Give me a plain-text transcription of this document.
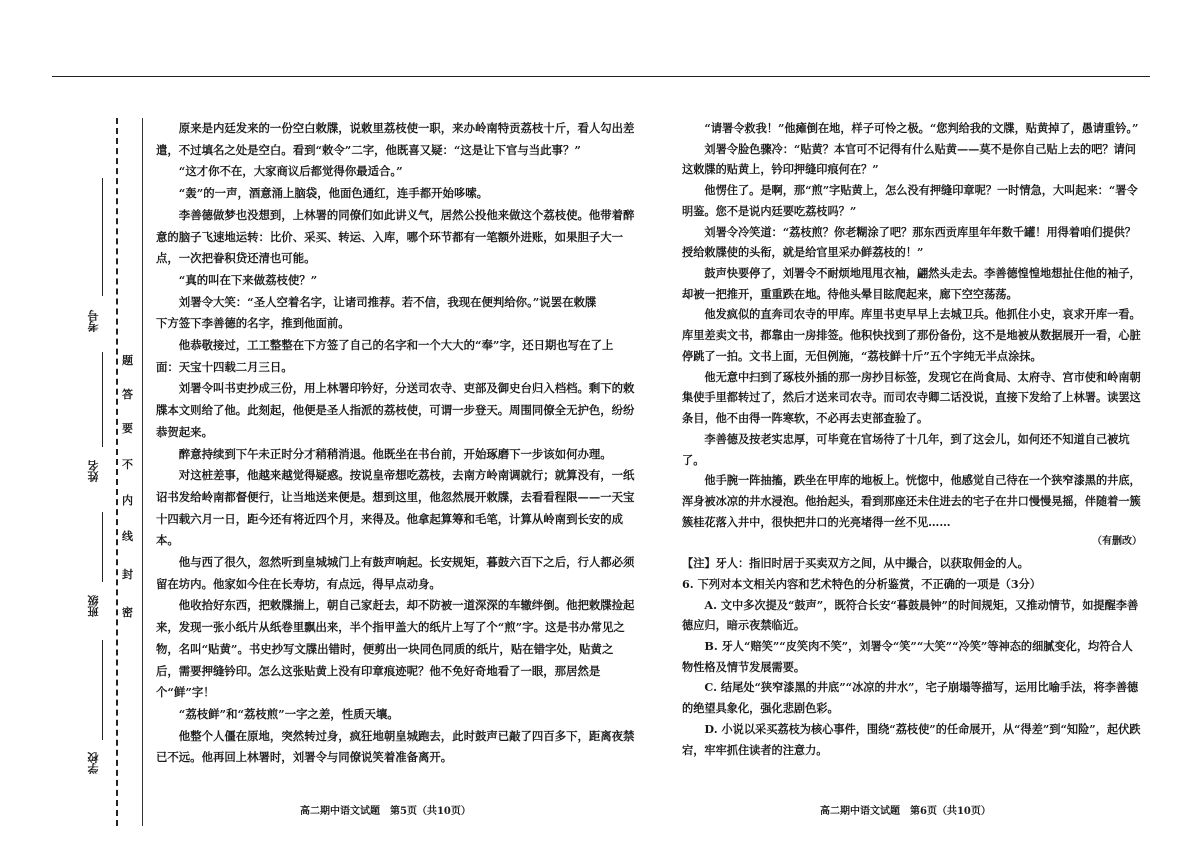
考号
姓名
班级
学校
题
答
要
不
内
线
封
密

原来是内廷发来的一份空白敕牒，说敕里荔枝使一职，来办岭南特贡荔枝十斤，看人勾出差遣，不过填名之处是空白。看到“敕令”二字，他既喜又疑：“这是让下官与当此事？”

“这才你不在，大家商议后都觉得你最适合。”

“轰”的一声，酒意涌上脑袋，他面色通红，连手都开始哆嗦。

李善德做梦也没想到，上林署的同僚们如此讲义气，居然公投他来做这个荔枝使。他带着醉意的脑子飞速地运转：比价、采买、转运、入库，哪个环节都有一笔额外进账，如果胆子大一点，一次把眷积贷还清也可能。

“真的叫在下来做荔枝使？”

刘署令大笑：“圣人空着名字，让诸司推荐。若不信，我现在便判给你。”说罢在敕牒

下方签下李善德的名字，推到他面前。

他恭敬接过，工工整整在下方签了自己的名字和一个大大的“奉”字，还日期也写在了上面：天宝十四载二月三日。

刘署令叫书吏抄成三份，用上林署印钤好，分送司农寺、吏部及御史台归入档档。剩下的敕牒本文则给了他。此刻起，他便是圣人指派的荔枝使，可谓一步登天。周围同僚全无护色，纷纷恭贺起来。

醉意持续到下午未正时分才稍稍消退。他既坐在书台前，开始琢磨下一步该如何办理。

对这桩差事，他越来越觉得疑惑。按说皇帝想吃荔枝，去南方岭南调就行；就算没有，一纸诏书发给岭南都督便行，让当地送来便是。想到这里，他忽然展开敕牒，去看看程限——一天宝十四载六月一日，距今还有将近四个月，来得及。他拿起算筹和毛笔，计算从岭南到长安的成本。

他与西了很久，忽然听到皇城城门上有鼓声响起。长安规矩，暮鼓六百下之后，行人都必须留在坊内。他家如今住在长寿坊，有点远，得早点动身。

他收拾好东西，把敕牒揣上，朝自己家赶去，却不防被一道深深的车辙绊倒。他把敕牒捡起来，发现一张小纸片从纸卷里飘出来，半个指甲盖大的纸片上写了个“煎”字。这是书办常见之物，名叫“贴黄”。书史抄写文牒出错时，便剪出一块同色同质的纸片，贴在错字处，贴黄之后，需要押缝钤印。怎么这张贴黄上没有印章痕迹呢？他不免好奇地看了一眼，那居然是个“鲜”字！

“荔枝鲜”和“荔枝煎”一字之差，性质天壤。

他整个人僵在原地，突然转过身，疯狂地朝皇城跑去，此时鼓声已敲了四百多下，距离夜禁已不远。他再回上林署时，刘署令与同僚说笑着准备离开。

“请署令救我！”他瘫倒在地，样子可怜之极。“您判给我的文牒，贴黄掉了，愚请重钤。”

刘署令脸色骤冷：“贴黄？本官可不记得有什么贴黄——莫不是你自己贴上去的吧？请问这敕牒的贴黄上，钤印押缝印痕何在？”

他愣住了。是啊，那“煎”字贴黄上，怎么没有押缝印章呢？一时情急，大叫起来：“署令明鉴。您不是说内廷要吃荔枝吗？”

刘署令冷笑道：“荔枝煎？你老糊涂了吧？那东西贡库里年年数千罐！用得着咱们提供？授给敕牒使的头衔，就是给官里采办鲜荔枝的！”

鼓声快要停了，刘署令不耐烦地甩甩衣袖，翩然头走去。李善德惶惶地想扯住他的袖子，却被一把推开，重重跌在地。待他头晕目眩爬起来，廊下空空荡荡。

他发疯似的直奔司农寺的甲库。库里书吏早早上去城卫兵。他抓住小史，哀求开库一看。库里差卖文书，都靠由一房排签。他积快找到了那份备份，这不是地被从数据展开一看，心脏停跳了一拍。文书上面，无但例施，“荔枝鲜十斤”五个字纯无半点涂抹。

他无意中扫到了琢枝外插的那一房抄目标签，发现它在尚食局、太府寺、宫市使和岭南朝集使手里都转过了，然后才送来司农寺。而司农寺卿二话没说，直接下发给了上林署。读罢这条目，他不由得一阵寒软，不必再去吏部查验了。

李善德及按老实忠厚，可毕竟在官场待了十几年，到了这会儿，如何还不知道自己被坑了。

他手腕一阵抽搐，跌坐在甲库的地板上。恍惚中，他感觉自己待在一个狭窄漆黑的井底，浑身被冰凉的井水浸泡。他抬起头，看到那座还未住进去的宅子在井口慢慢晃摇，伴随着一簇簇桂花落入井中，很快把井口的光亮堵得一丝不见……

（有删改）

【注】牙人：指旧时居于买卖双方之间，从中撮合，以获取佣金的人。

6. 下列对本文相关内容和艺术特色的分析鉴赏，不正确的一项是（3分）

A. 文中多次提及“鼓声”，既符合长安“暮鼓晨钟”的时间规矩，又推动情节，如提醒李善德应归，暗示夜禁临近。

B. 牙人“赔笑”“皮笑肉不笑”，刘署令“笑”“大笑”“冷笑”等神态的细腻变化，均符合人物性格及情节发展需要。

C. 结尾处“狭窄漆黑的井底”“冰凉的井水”，宅子崩塌等描写，运用比喻手法，将李善德的绝望具象化，强化悲剧色彩。

D. 小说以采买荔枝为核心事件，围绕“荔枝使”的任命展开，从“得差”到“知险”，起伏跌宕，牢牢抓住读者的注意力。

高二期中语文试题　第5页（共10页）	高二期中语文试题　第6页（共10页）
